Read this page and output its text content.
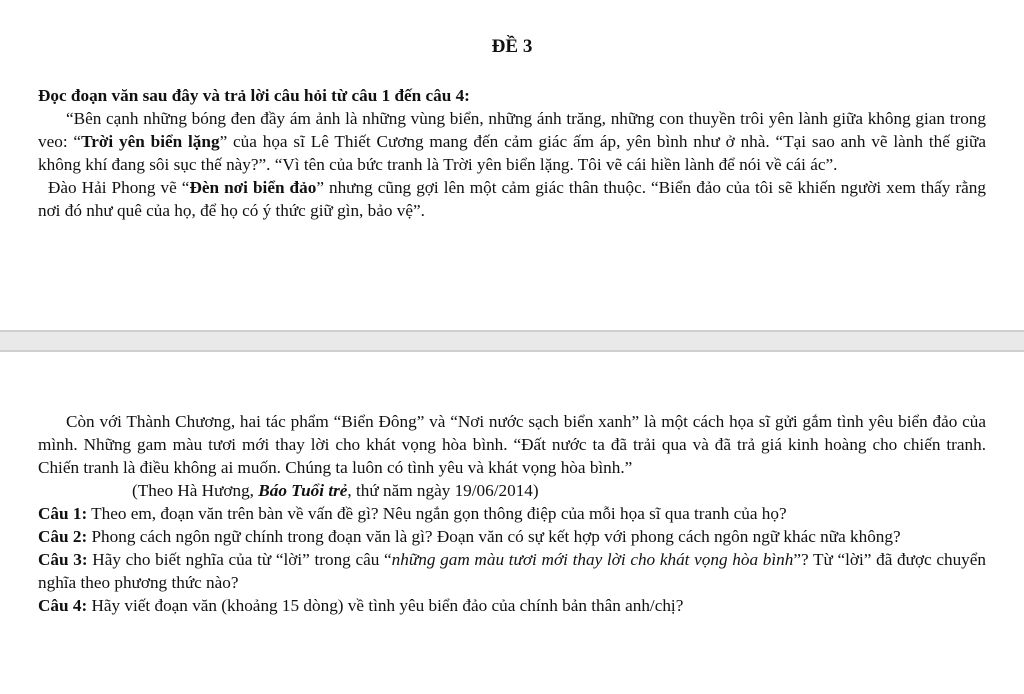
ĐỀ 3

Đọc đoạn văn sau đây và trả lời câu hỏi từ câu 1 đến câu 4:

“Bên cạnh những bóng đen đầy ám ảnh là những vùng biển, những ánh trăng, những con thuyền trôi yên lành giữa không gian trong veo: “Trời yên biển lặng” của họa sĩ Lê Thiết Cương mang đến cảm giác ấm áp, yên bình như ở nhà. “Tại sao anh vẽ lành thế giữa không khí đang sôi sục thế này?”. “Vì tên của bức tranh là Trời yên biển lặng. Tôi vẽ cái hiền lành để nói về cái ác”.

Đào Hải Phong vẽ “Đèn nơi biển đảo” nhưng cũng gợi lên một cảm giác thân thuộc. “Biển đảo của tôi sẽ khiến người xem thấy rằng nơi đó như quê của họ, để họ có ý thức giữ gìn, bảo vệ”.

Còn với Thành Chương, hai tác phẩm “Biển Đông” và “Nơi nước sạch biển xanh” là một cách họa sĩ gửi gắm tình yêu biển đảo của mình. Những gam màu tươi mới thay lời cho khát vọng hòa bình. “Đất nước ta đã trải qua và đã trả giá kinh hoàng cho chiến tranh. Chiến tranh là điều không ai muốn. Chúng ta luôn có tình yêu và khát vọng hòa bình.”

(Theo Hà Hương, Báo Tuổi trẻ, thứ năm ngày 19/06/2014)

Câu 1: Theo em, đoạn văn trên bàn về vấn đề gì? Nêu ngắn gọn thông điệp của mỗi họa sĩ qua tranh của họ?

Câu 2: Phong cách ngôn ngữ chính trong đoạn văn là gì? Đoạn văn có sự kết hợp với phong cách ngôn ngữ khác nữa không?

Câu 3: Hãy cho biết nghĩa của từ “lời” trong câu “những gam màu tươi mới thay lời cho khát vọng hòa bình”? Từ “lời” đã được chuyển nghĩa theo phương thức nào?

Câu 4: Hãy viết đoạn văn (khoảng 15 dòng) về tình yêu biển đảo của chính bản thân anh/chị?
